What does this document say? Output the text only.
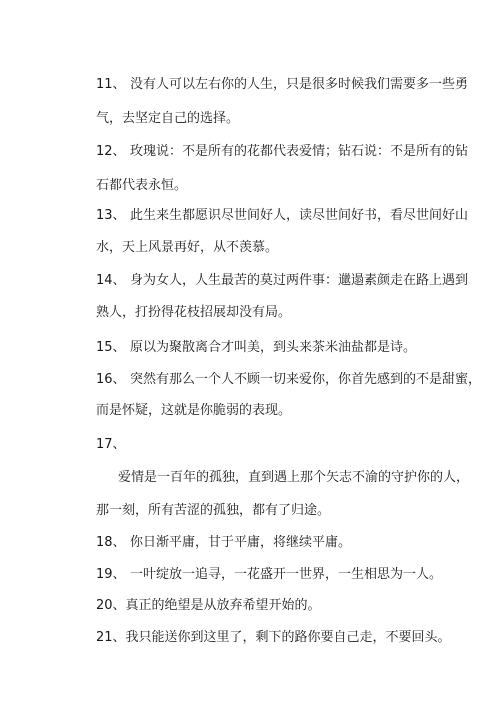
11、 没有人可以左右你的人生，只是很多时候我们需要多一些勇
气，去坚定自己的选择。
12、 玫瑰说：不是所有的花都代表爱情；钻石说：不是所有的钻
石都代表永恒。
13、 此生来生都愿识尽世间好人，读尽世间好书，看尽世间好山
水，天上风景再好，从不羡慕。
14、 身为女人，人生最苦的莫过两件事：邋遢素颜走在路上遇到
熟人，打扮得花枝招展却没有局。
15、 原以为聚散离合才叫美，到头来茶米油盐都是诗。
16、 突然有那么一个人不顾一切来爱你，你首先感到的不是甜蜜，
而是怀疑，这就是你脆弱的表现。
17、
爱情是一百年的孤独，直到遇上那个矢志不渝的守护你的人，
那一刻，所有苦涩的孤独，都有了归途。
18、 你日渐平庸，甘于平庸，将继续平庸。
19、 一叶绽放一追寻，一花盛开一世界，一生相思为一人。
20、真正的绝望是从放弃希望开始的。
21、我只能送你到这里了，剩下的路你要自己走，不要回头。
